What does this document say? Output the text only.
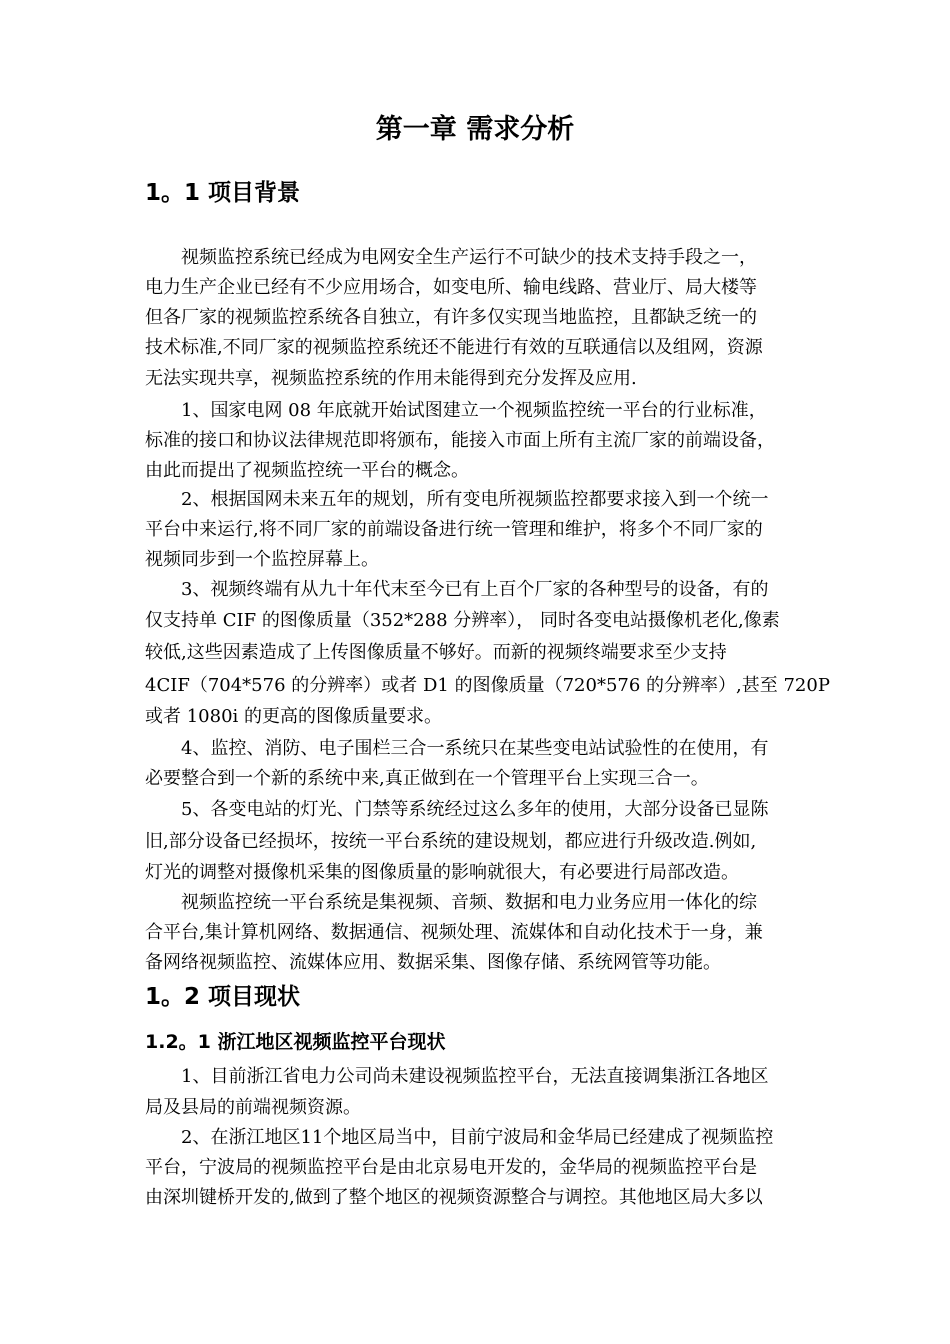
第一章 需求分析
1。1 项目背景

视频监控系统已经成为电网安全生产运行不可缺少的技术支持手段之一，

电力生产企业已经有不少应用场合，如变电所、输电线路、营业厅、局大楼等

但各厂家的视频监控系统各自独立，有许多仅实现当地监控，且都缺乏统一的

技术标准,不同厂家的视频监控系统还不能进行有效的互联通信以及组网，资源

无法实现共享，视频监控系统的作用未能得到充分发挥及应用.

1、国家电网 08 年底就开始试图建立一个视频监控统一平台的行业标准，

标准的接口和协议法律规范即将颁布，能接入市面上所有主流厂家的前端设备，

由此而提出了视频监控统一平台的概念。

2、根据国网未来五年的规划，所有变电所视频监控都要求接入到一个统一

平台中来运行,将不同厂家的前端设备进行统一管理和维护，将多个不同厂家的

视频同步到一个监控屏幕上。

3、视频终端有从九十年代末至今已有上百个厂家的各种型号的设备，有的

仅支持单 CIF 的图像质量（352*288 分辨率）， 同时各变电站摄像机老化,像素

较低,这些因素造成了上传图像质量不够好。而新的视频终端要求至少支持

4CIF（704*576 的分辨率）或者 D1 的图像质量（720*576 的分辨率）,甚至 720P

或者 1080i 的更高的图像质量要求。

4、监控、消防、电子围栏三合一系统只在某些变电站试验性的在使用，有

必要整合到一个新的系统中来,真正做到在一个管理平台上实现三合一。

5、各变电站的灯光、门禁等系统经过这么多年的使用，大部分设备已显陈

旧,部分设备已经损坏，按统一平台系统的建设规划，都应进行升级改造.例如,

灯光的调整对摄像机采集的图像质量的影响就很大，有必要进行局部改造。

视频监控统一平台系统是集视频、音频、数据和电力业务应用一体化的综

合平台,集计算机网络、数据通信、视频处理、流媒体和自动化技术于一身，兼

备网络视频监控、流媒体应用、数据采集、图像存储、系统网管等功能。

1。2 项目现状
1.2。1 浙江地区视频监控平台现状

1、目前浙江省电力公司尚未建设视频监控平台，无法直接调集浙江各地区

局及县局的前端视频资源。

2、在浙江地区11个地区局当中，目前宁波局和金华局已经建成了视频监控

平台，宁波局的视频监控平台是由北京易电开发的，金华局的视频监控平台是

由深圳键桥开发的,做到了整个地区的视频资源整合与调控。其他地区局大多以
